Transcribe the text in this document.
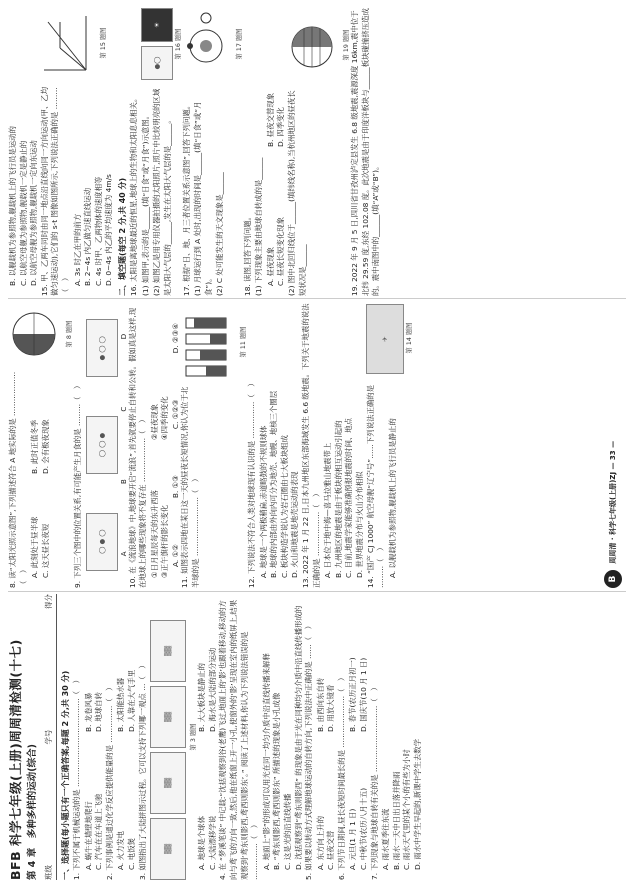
BFB 科学七年级(上册)周周清检测(十七) 第 4 章　多种多样的运动(综合) 班级
学号
得分
一、选择题(每小题只有一个正确答案,每题 2 分,共 30 分) 1. 下列不属于机械运动的是 ………………………………（　） A. 蜗牛在墙壁地爬行
B. 龙卷风暴
C. 汽车在在车道上飞驰
D. 地球自转 2. 下列事例是通过化学反应提供能量的是 ……………（　） A. 火力发电
B. 太阳能热水器
C. 电饭煲
D. 人靠在大气手里 3. 如图指出了大陆拼图示过程。它可以支持下列哪一观点 …（　）	▒▒
▒▒
▒▒
▒▒
第 3 题图
A. 地球是个球体
B. 大大板块是静止的
C. 大陆漂移学说
D. 海水是大陆的部分运动 4. 在 “梦溪笔谈” 中记载:“沈括观察到谷(老鹰)飞过,地面上的‘影’也跟着移动,移动的方向与鸢飞的方向一致,然后,他在纸窗上开一小孔,使窗外的‘影’呈现在室内的纸屏上,结果观察到‘鸢东则影西,鸢西则影东’。” 阅读了上述材料,你认为下列说法错误的是 ……………（　） A. 地面上“影”的形成可以用光在同一均匀介质中沿直线传播来解释 B. “鸢东则影西,鸢西则影东” 所描述的现象是小孔成像 C. 这是光的沿直线传播 D. 沈括观察到“鸢东则影西” 的现象是由于光在同种均匀介质中沿直线传播形成的 5. 如果要以转动方式理解地球运动的自转方向,下列说法中正确的是 ……（　） A. 东方向上升的
B. 由西向东自转
C. 昼夜交替
D. 用放大镜看 6. 下列节日期间,昼长夜短时间最长的是 …………………（　） A. 元旦(1 月 1 日)
B. 春节(农历正月初一)
C. 中秋节(农历八月十五)
D. 国庆节(10 月 1 日) 7. 下列现象与地球自转有关的是 ………………………（　） A. 雨水夏季往东流 B. 雨水一天中日出日落并降雨 C. 雨水天气里的某个小的有些为小时 D. 雨水中学生早起的,新课中学生去数学
8. 读“太阳光照示意图”,下列描述符合 A 地实际的是 ………………（　） A. 此刻处于昼半球
B. 此时正值冬季
C. 这天昼长夜短
D. 会有极夜现象
第 8 题图
9. 下列三个图中的位置关系,有可能产生月食的是 ………（　）	◯ ● ◯
◯ ◯ ●
● ◯ ◯
A
B
C
D 10. 在《流浪地球》中,地球要开启“流浪”,首先就要停止自转和公转。假如真是这样,现在地球上的哪些现象将不复存在 ………………（　） ①日月星辰每天的东升西落
②昼夜现象
③正午旗杆的影长变化
④四季的变化
A. ①②
B. ①③
C. ①②③
D. ②③④
11. 如图表示四地在某日这一天的昼夜长短情况,你认为位于北半球的是 ……………………（　）
第 11 题图
12. 下列说法不符合人类对地球现有认识的是 ……………（　） A. 地球是一个两极稍扁,赤道略鼓的不规则球体 B. 地球的内部由外向内可分为地壳、地幔、地核三个圈层 C. 板块构造学说认为岩石圈由七大板块组成 D. 火山和地震是地壳运动的表现 13. 2022 年 1 月 22 日,日本九州地区东部海域发生 6.6 级地震。下列关于地震的说法正确的是 ………………（　） A. 日本位于地中海—喜马拉雅山地震带上 B. 九州地区的地震是由于板块的相互运动引起的 C. 目前,地震学家能够准确预报地震的时间、地点 D. 世界地震分布与火山分布相似 14. “国产 CJ 1000” 航空母舰“辽宁号”……下列说法正确的是 ………（　） A. 以舰载机为参照物,舰载机上的飞行员是静止的
✈	第 14 题图
B 周周清 · 科学七年级(上册)ZJ — 33 —
B. 以舰载机为参照物,舰载机上的飞行员是运动的 C. 以航空母舰为参照物,舰载机一定是静止的 D. 以航空母舰为参照物,舰载机一定向东运动 15. 甲、乙两车同时由同一地点沿直线向同一方向运动(甲、乙均做匀速运动),它们的 s-t 图像如图所示,下列说法正确的是 ………（　） A. 3s 时乙在甲的前方 B. 2~4s 内乙做匀速直线运动 C. 4s 时甲、乙两物体的速度相等 D. 0~4s 内乙的平均速度为 4m/s
第 15 题图
二、填空题(每空 2 分,共 40 分) 16. 太阳是离地球最近的恒星,地球上的生物和太阳息息相关。 (1) 如图甲,表示的是______(填“日食”或“月食”)示意图。 (2) 如图乙是用专用仪器拍摄的太阳照片,照片中比较明亮的区域是太阳大气层的______,发生在太阳大气层的是______。
●◯
☀
第 16 题图
17. 根据“日、地、月三者位置关系示意图”,回答下列问题。 (1) 月球运行到 A 处时,出现的时间是______(填“日食”或“月食”)。 (2) C 处可能发生的天文现象是______
第 17 题图
18. 读图,回答下列问题。 (1) 下列现象主要由地球自转成的是______ A. 昼夜现象
B. 昼夜交替现象
C. 昼夜长短变化现象
D. 四季变化 (2) 图中北回归线位于______(填纬线名称),当杭州地区的昼夜长短状况是______
第 19 题图 19. 2022 年 9 月 5 日,四川省甘孜州泸定县发生 6.8 级地震,震源深度 16km,震中位于北纬 29.59 度,东经 102.08 度。此次地震是由于印度洋板块与______板块碰撞挤压造成的。震中南图中的______(填“A”或“B”)。
